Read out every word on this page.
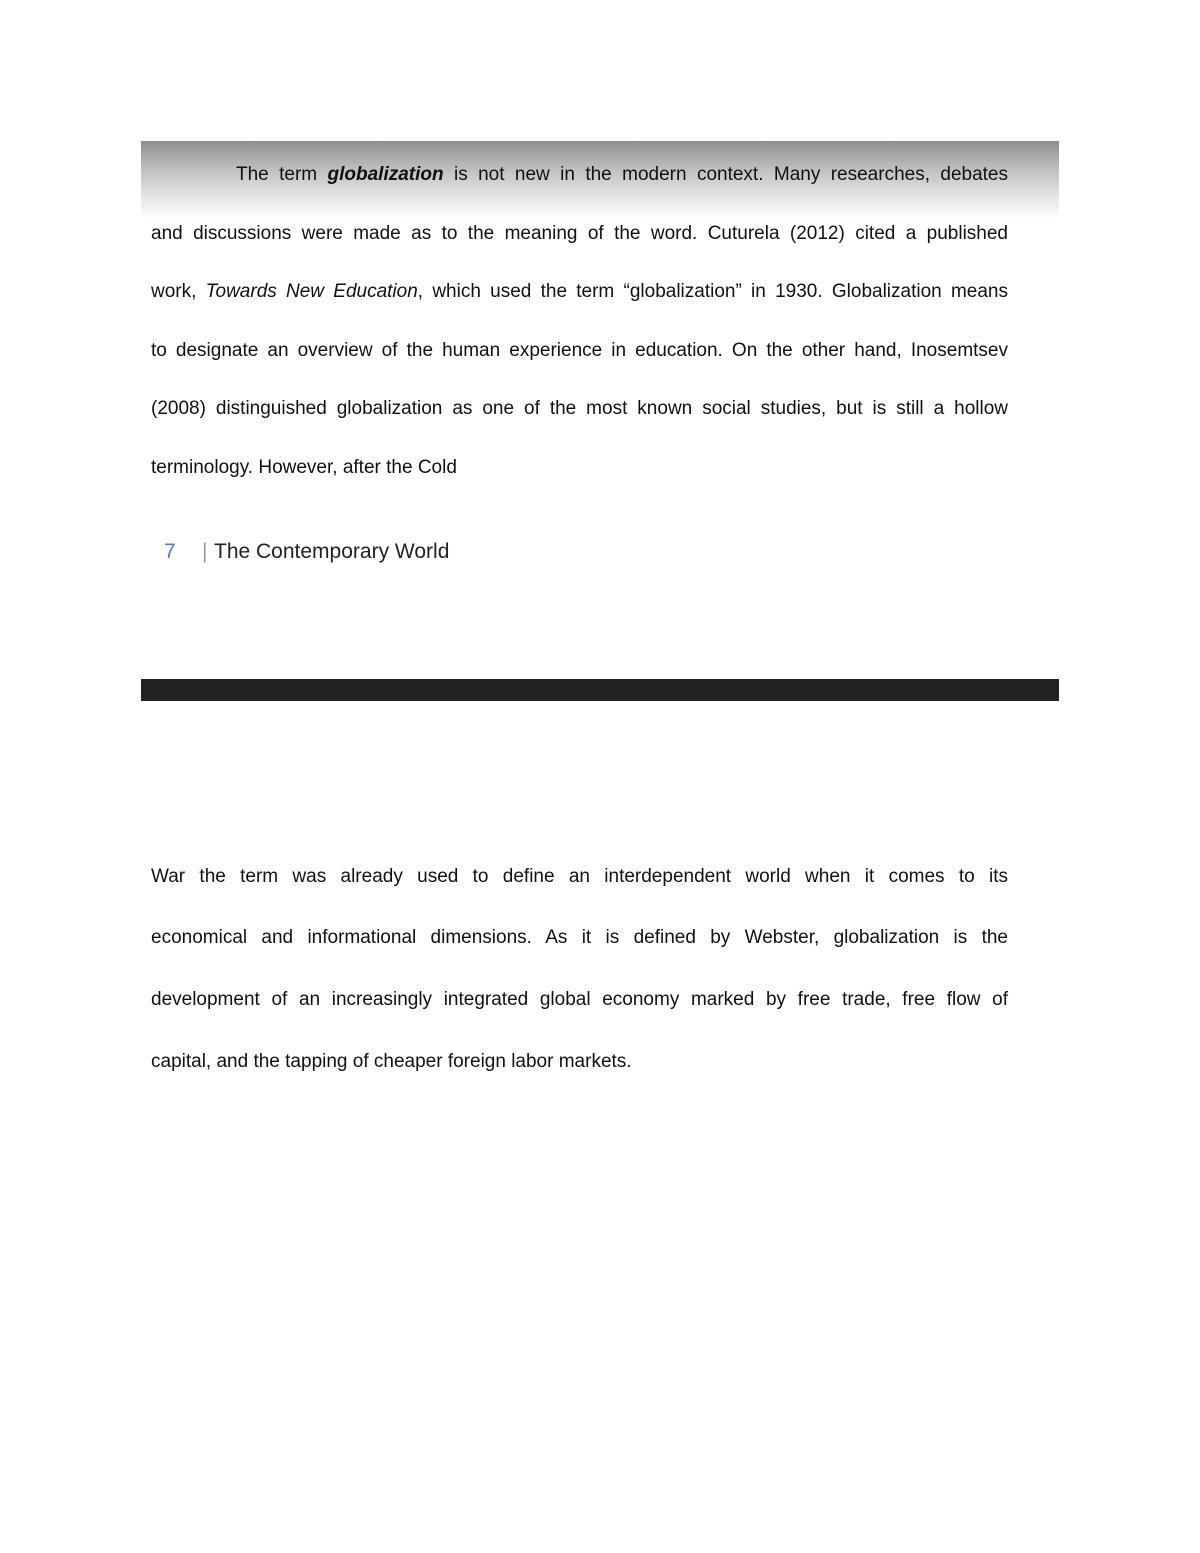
The term globalization is not new in the modern context. Many researches, debates

and discussions were made as to the meaning of the word. Cuturela (2012) cited a published

work, Towards New Education, which used the term “globalization” in 1930. Globalization means

to designate an overview of the human experience in education. On the other hand, Inosemtsev

(2008) distinguished globalization as one of the most known social studies, but is still a hollow

terminology. However, after the Cold

7 | The Contemporary World

War the term was already used to define an interdependent world when it comes to its

economical and informational dimensions. As it is defined by Webster, globalization is the

development of an increasingly integrated global economy marked by free trade, free flow of

capital, and the tapping of cheaper foreign labor markets.
